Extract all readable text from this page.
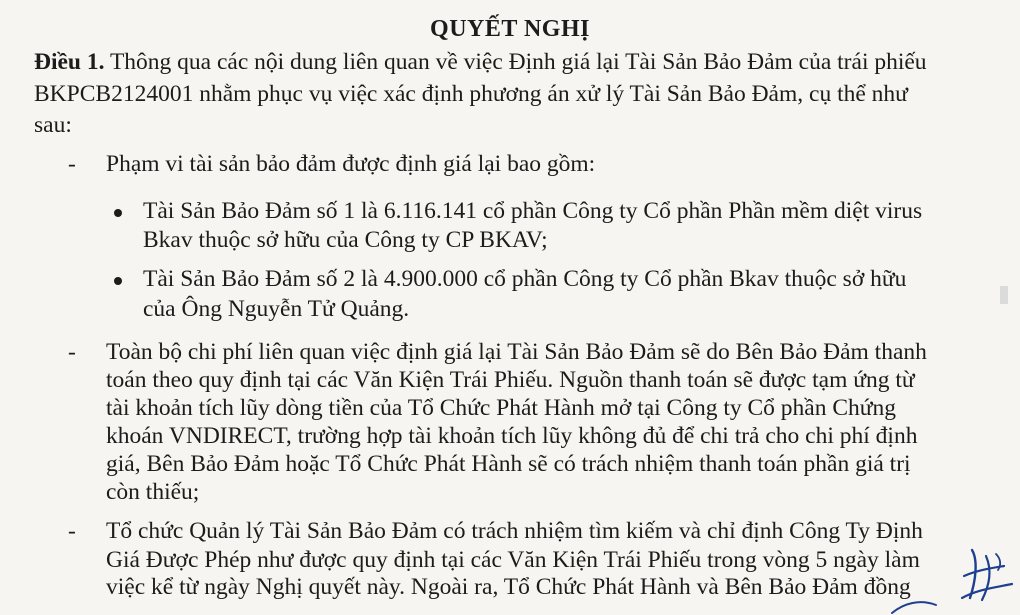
QUYẾT NGHỊ
Điều 1. Thông qua các nội dung liên quan về việc Định giá lại Tài Sản Bảo Đảm của trái phiếu
BKPCB2124001 nhằm phục vụ việc xác định phương án xử lý Tài Sản Bảo Đảm, cụ thể như
sau:
- Phạm vi tài sản bảo đảm được định giá lại bao gồm:
Tài Sản Bảo Đảm số 1 là 6.116.141 cổ phần Công ty Cổ phần Phần mềm diệt virus
Bkav thuộc sở hữu của Công ty CP BKAV;
Tài Sản Bảo Đảm số 2 là 4.900.000 cổ phần Công ty Cổ phần Bkav thuộc sở hữu
của Ông Nguyễn Tử Quảng.
- Toàn bộ chi phí liên quan việc định giá lại Tài Sản Bảo Đảm sẽ do Bên Bảo Đảm thanh
toán theo quy định tại các Văn Kiện Trái Phiếu. Nguồn thanh toán sẽ được tạm ứng từ
tài khoản tích lũy dòng tiền của Tổ Chức Phát Hành mở tại Công ty Cổ phần Chứng
khoán VNDIRECT, trường hợp tài khoản tích lũy không đủ để chi trả cho chi phí định
giá, Bên Bảo Đảm hoặc Tổ Chức Phát Hành sẽ có trách nhiệm thanh toán phần giá trị
còn thiếu;
- Tổ chức Quản lý Tài Sản Bảo Đảm có trách nhiệm tìm kiếm và chỉ định Công Ty Định
Giá Được Phép như được quy định tại các Văn Kiện Trái Phiếu trong vòng 5 ngày làm
việc kể từ ngày Nghị quyết này. Ngoài ra, Tổ Chức Phát Hành và Bên Bảo Đảm đồng
